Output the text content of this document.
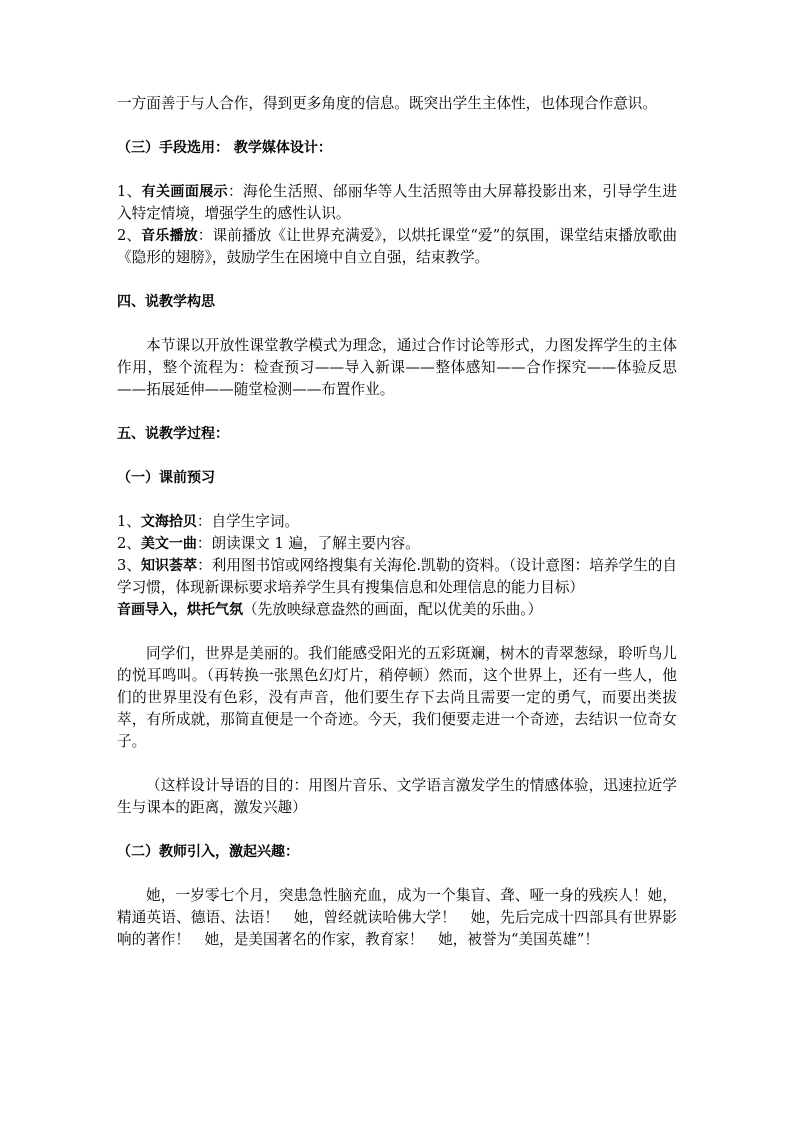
一方面善于与人合作，得到更多角度的信息。既突出学生主体性，也体现合作意识。

（三）手段选用： 教学媒体设计：

1、有关画面展示：海伦生活照、邰丽华等人生活照等由大屏幕投影出来，引导学生进入特定情境，增强学生的感性认识。

2、音乐播放：课前播放《让世界充满爱》，以烘托课堂“爱”的氛围，课堂结束播放歌曲《隐形的翅膀》，鼓励学生在困境中自立自强，结束教学。

四、说教学构思

本节课以开放性课堂教学模式为理念，通过合作讨论等形式，力图发挥学生的主体作用，整个流程为：检查预习——导入新课——整体感知——合作探究——体验反思——拓展延伸——随堂检测——布置作业。

五、说教学过程：

（一）课前预习

1、文海拾贝：自学生字词。

2、美文一曲：朗读课文 1 遍，了解主要内容。

3、知识荟萃：利用图书馆或网络搜集有关海伦.凯勒的资料。（设计意图：培养学生的自学习惯，体现新课标要求培养学生具有搜集信息和处理信息的能力目标）

音画导入，烘托气氛（先放映绿意盎然的画面，配以优美的乐曲。）

同学们，世界是美丽的。我们能感受阳光的五彩斑斓，树木的青翠葱绿，聆听鸟儿的悦耳鸣叫。（再转换一张黑色幻灯片，稍停顿）然而，这个世界上，还有一些人，他们的世界里没有色彩，没有声音，他们要生存下去尚且需要一定的勇气，而要出类拔萃，有所成就，那简直便是一个奇迹。今天，我们便要走进一个奇迹，去结识一位奇女子。

（这样设计导语的目的：用图片音乐、文学语言激发学生的情感体验，迅速拉近学生与课本的距离，激发兴趣）

（二）教师引入，激起兴趣：

她，一岁零七个月，突患急性脑充血，成为一个集盲、聋、哑一身的残疾人！她，精通英语、德语、法语！　她，曾经就读哈佛大学！　她，先后完成十四部具有世界影响的著作！　她，是美国著名的作家，教育家！　她，被誉为“美国英雄”！
